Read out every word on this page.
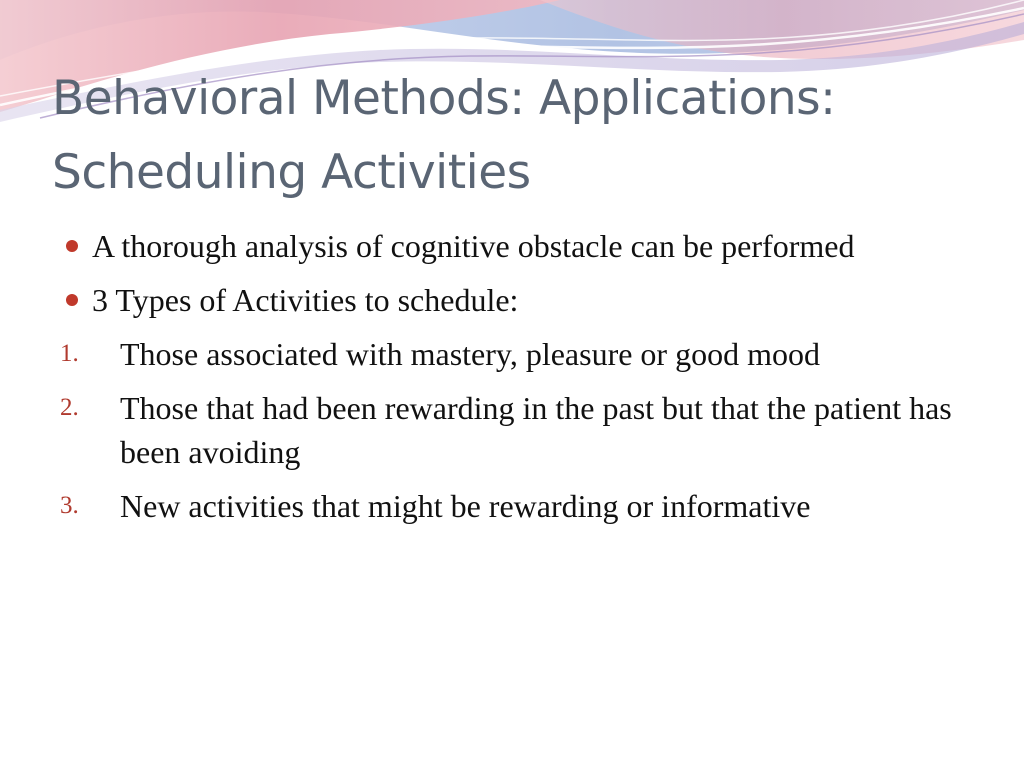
Behavioral Methods: Applications:
Scheduling Activities
A thorough analysis of cognitive obstacle can be performed
3 Types of Activities to schedule:
1. Those associated with mastery, pleasure or good mood
2. Those that had been rewarding in the past but that the patient has been avoiding
3. New activities that might be rewarding or informative
